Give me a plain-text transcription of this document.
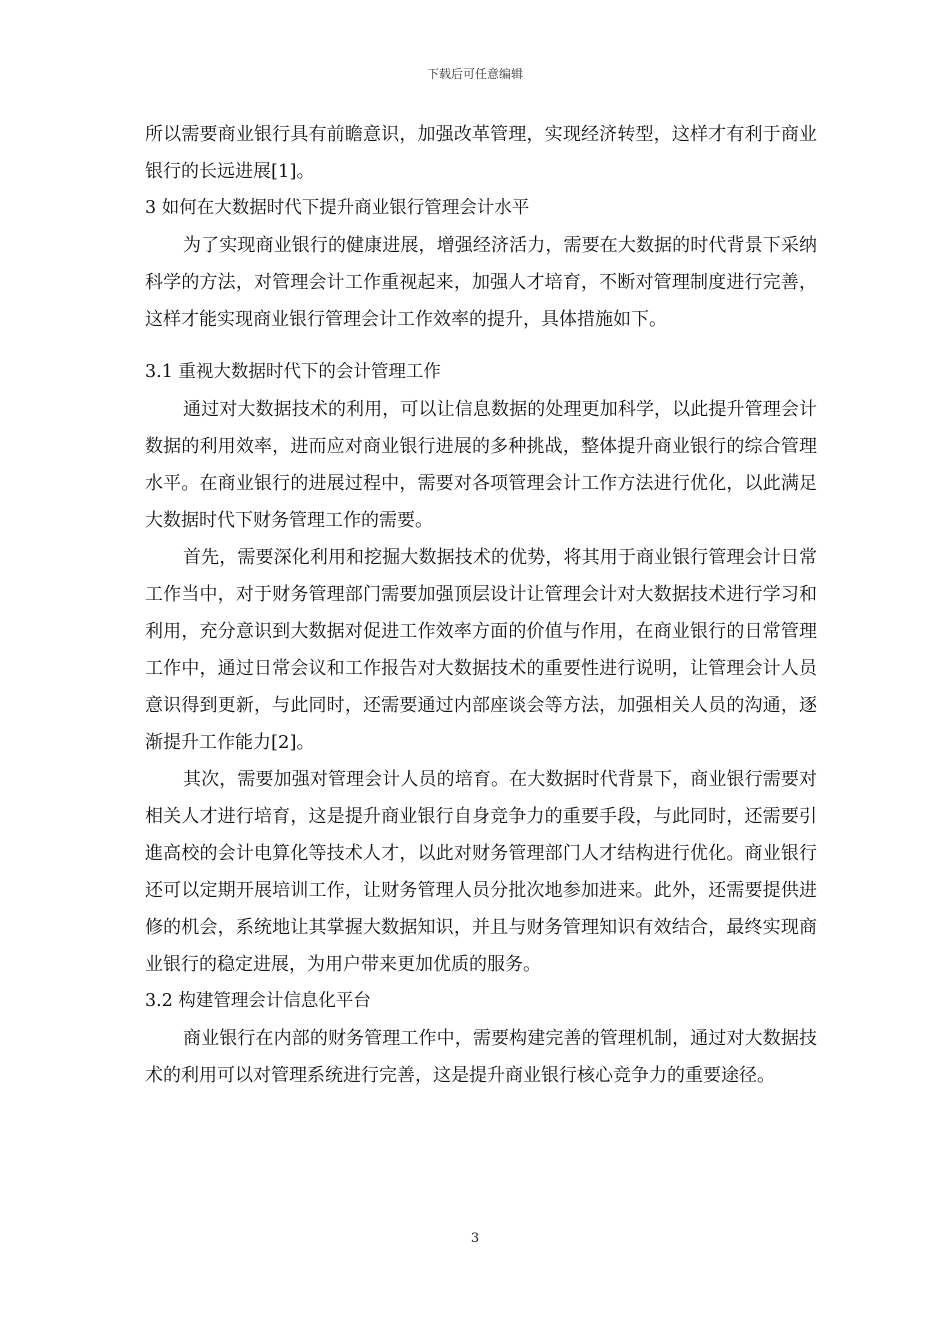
下载后可任意编辑

所以需要商业银行具有前瞻意识，加强改革管理，实现经济转型，这样才有利于商业银行的长远进展[1]。

3 如何在大数据时代下提升商业银行管理会计水平

为了实现商业银行的健康进展，增强经济活力，需要在大数据的时代背景下采纳科学的方法，对管理会计工作重视起来，加强人才培育，不断对管理制度进行完善，这样才能实现商业银行管理会计工作效率的提升，具体措施如下。

3.1 重视大数据时代下的会计管理工作

通过对大数据技术的利用，可以让信息数据的处理更加科学，以此提升管理会计数据的利用效率，进而应对商业银行进展的多种挑战，整体提升商业银行的综合管理水平。在商业银行的进展过程中，需要对各项管理会计工作方法进行优化，以此满足大数据时代下财务管理工作的需要。

首先，需要深化利用和挖掘大数据技术的优势，将其用于商业银行管理会计日常工作当中，对于财务管理部门需要加强顶层设计让管理会计对大数据技术进行学习和利用，充分意识到大数据对促进工作效率方面的价值与作用，在商业银行的日常管理工作中，通过日常会议和工作报告对大数据技术的重要性进行说明，让管理会计人员意识得到更新，与此同时，还需要通过内部座谈会等方法，加强相关人员的沟通，逐渐提升工作能力[2]。

其次，需要加强对管理会计人员的培育。在大数据时代背景下，商业银行需要对相关人才进行培育，这是提升商业银行自身竞争力的重要手段，与此同时，还需要引進高校的会计电算化等技术人才，以此对财务管理部门人才结构进行优化。商业银行还可以定期开展培训工作，让财务管理人员分批次地参加进来。此外，还需要提供进修的机会，系统地让其掌握大数据知识，并且与财务管理知识有效结合，最终实现商业银行的稳定进展，为用户带来更加优质的服务。

3.2 构建管理会计信息化平台

商业银行在内部的财务管理工作中，需要构建完善的管理机制，通过对大数据技术的利用可以对管理系统进行完善，这是提升商业银行核心竞争力的重要途径。

3
